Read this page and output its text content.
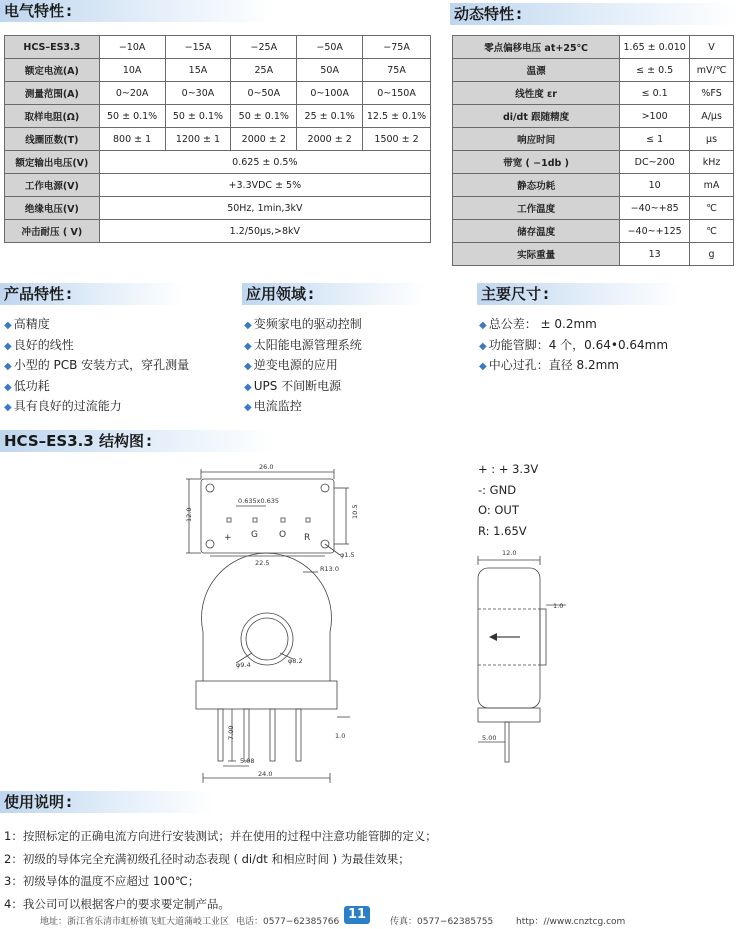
电气特性 :	动态特性 :
产品特性 :	应用领域 :	主要尺寸 :
HCS–ES3.3 结构图 :
使用说明 :
HCS–ES3.3	−10A	−15A	−25A	−50A	−75A
额定电流(A)	10A	15A	25A	50A	75A
测量范围(A)	0~20A	0~30A	0~50A	0~100A	0~150A
取样电阻(Ω)	50 ± 0.1%	50 ± 0.1%	50 ± 0.1%	25 ± 0.1%	12.5 ± 0.1%
线圈匝数(T)	800 ± 1	1200 ± 1	2000 ± 2	2000 ± 2	1500 ± 2
额定输出电压(V)	0.625 ± 0.5%				
工作电源(V)	+3.3VDC ± 5%				
绝缘电压(V)	50Hz, 1min,3kV				
冲击耐压 ( V)	1.2/50μs,>8kV				
零点偏移电压 at+25℃	1.65 ± 0.010	V
温漂	≤ ± 0.5	mV/℃
线性度 εr	≤ 0.1	%FS
di/dt 跟随精度	>100	A/μs
响应时间	≤ 1	μs
带宽 ( −1db )	DC~200	kHz
静态功耗	10	mA
工作温度	−40~+85	℃
储存温度	−40~+125	℃
实际重量	13	g
◆ 高精度
◆ 良好的线性
◆ 小型的 PCB 安装方式，穿孔测量
◆ 低功耗
◆ 具有良好的过流能力
◆ 变频家电的驱动控制
◆ 太阳能电源管理系统
◆ 逆变电源的应用
◆ UPS 不间断电源
◆ 电流监控
◆ 总公差： ± 0.2mm
◆ 功能管脚：4 个，0.64•0.64mm
◆ 中心过孔：直径 8.2mm
26.0
0.635x0.635
12.0	10.5
22.5
φ1.5
+ G O R
R13.0
φ9.4	φ8.2
7.00
5.08
24.0
1.0
12.0
1.0
5.00
+ : + 3.3V
-: GND
O: OUT
R: 1.65V
1：按照标定的正确电流方向进行安装测试；并在使用的过程中注意功能管脚的定义；
2：初级的导体完全充满初级孔径时动态表现 ( di/dt 和相应时间 ) 为最佳效果；
3：初级导体的温度不应超过 100℃；
4：我公司可以根据客户的要求要定制产品。
地址：浙江省乐清市虹桥镇飞虹大道蒲岐工业区 电话：0577−62385766 11	传真：0577−62385755	http：//www.cnztcg.com
